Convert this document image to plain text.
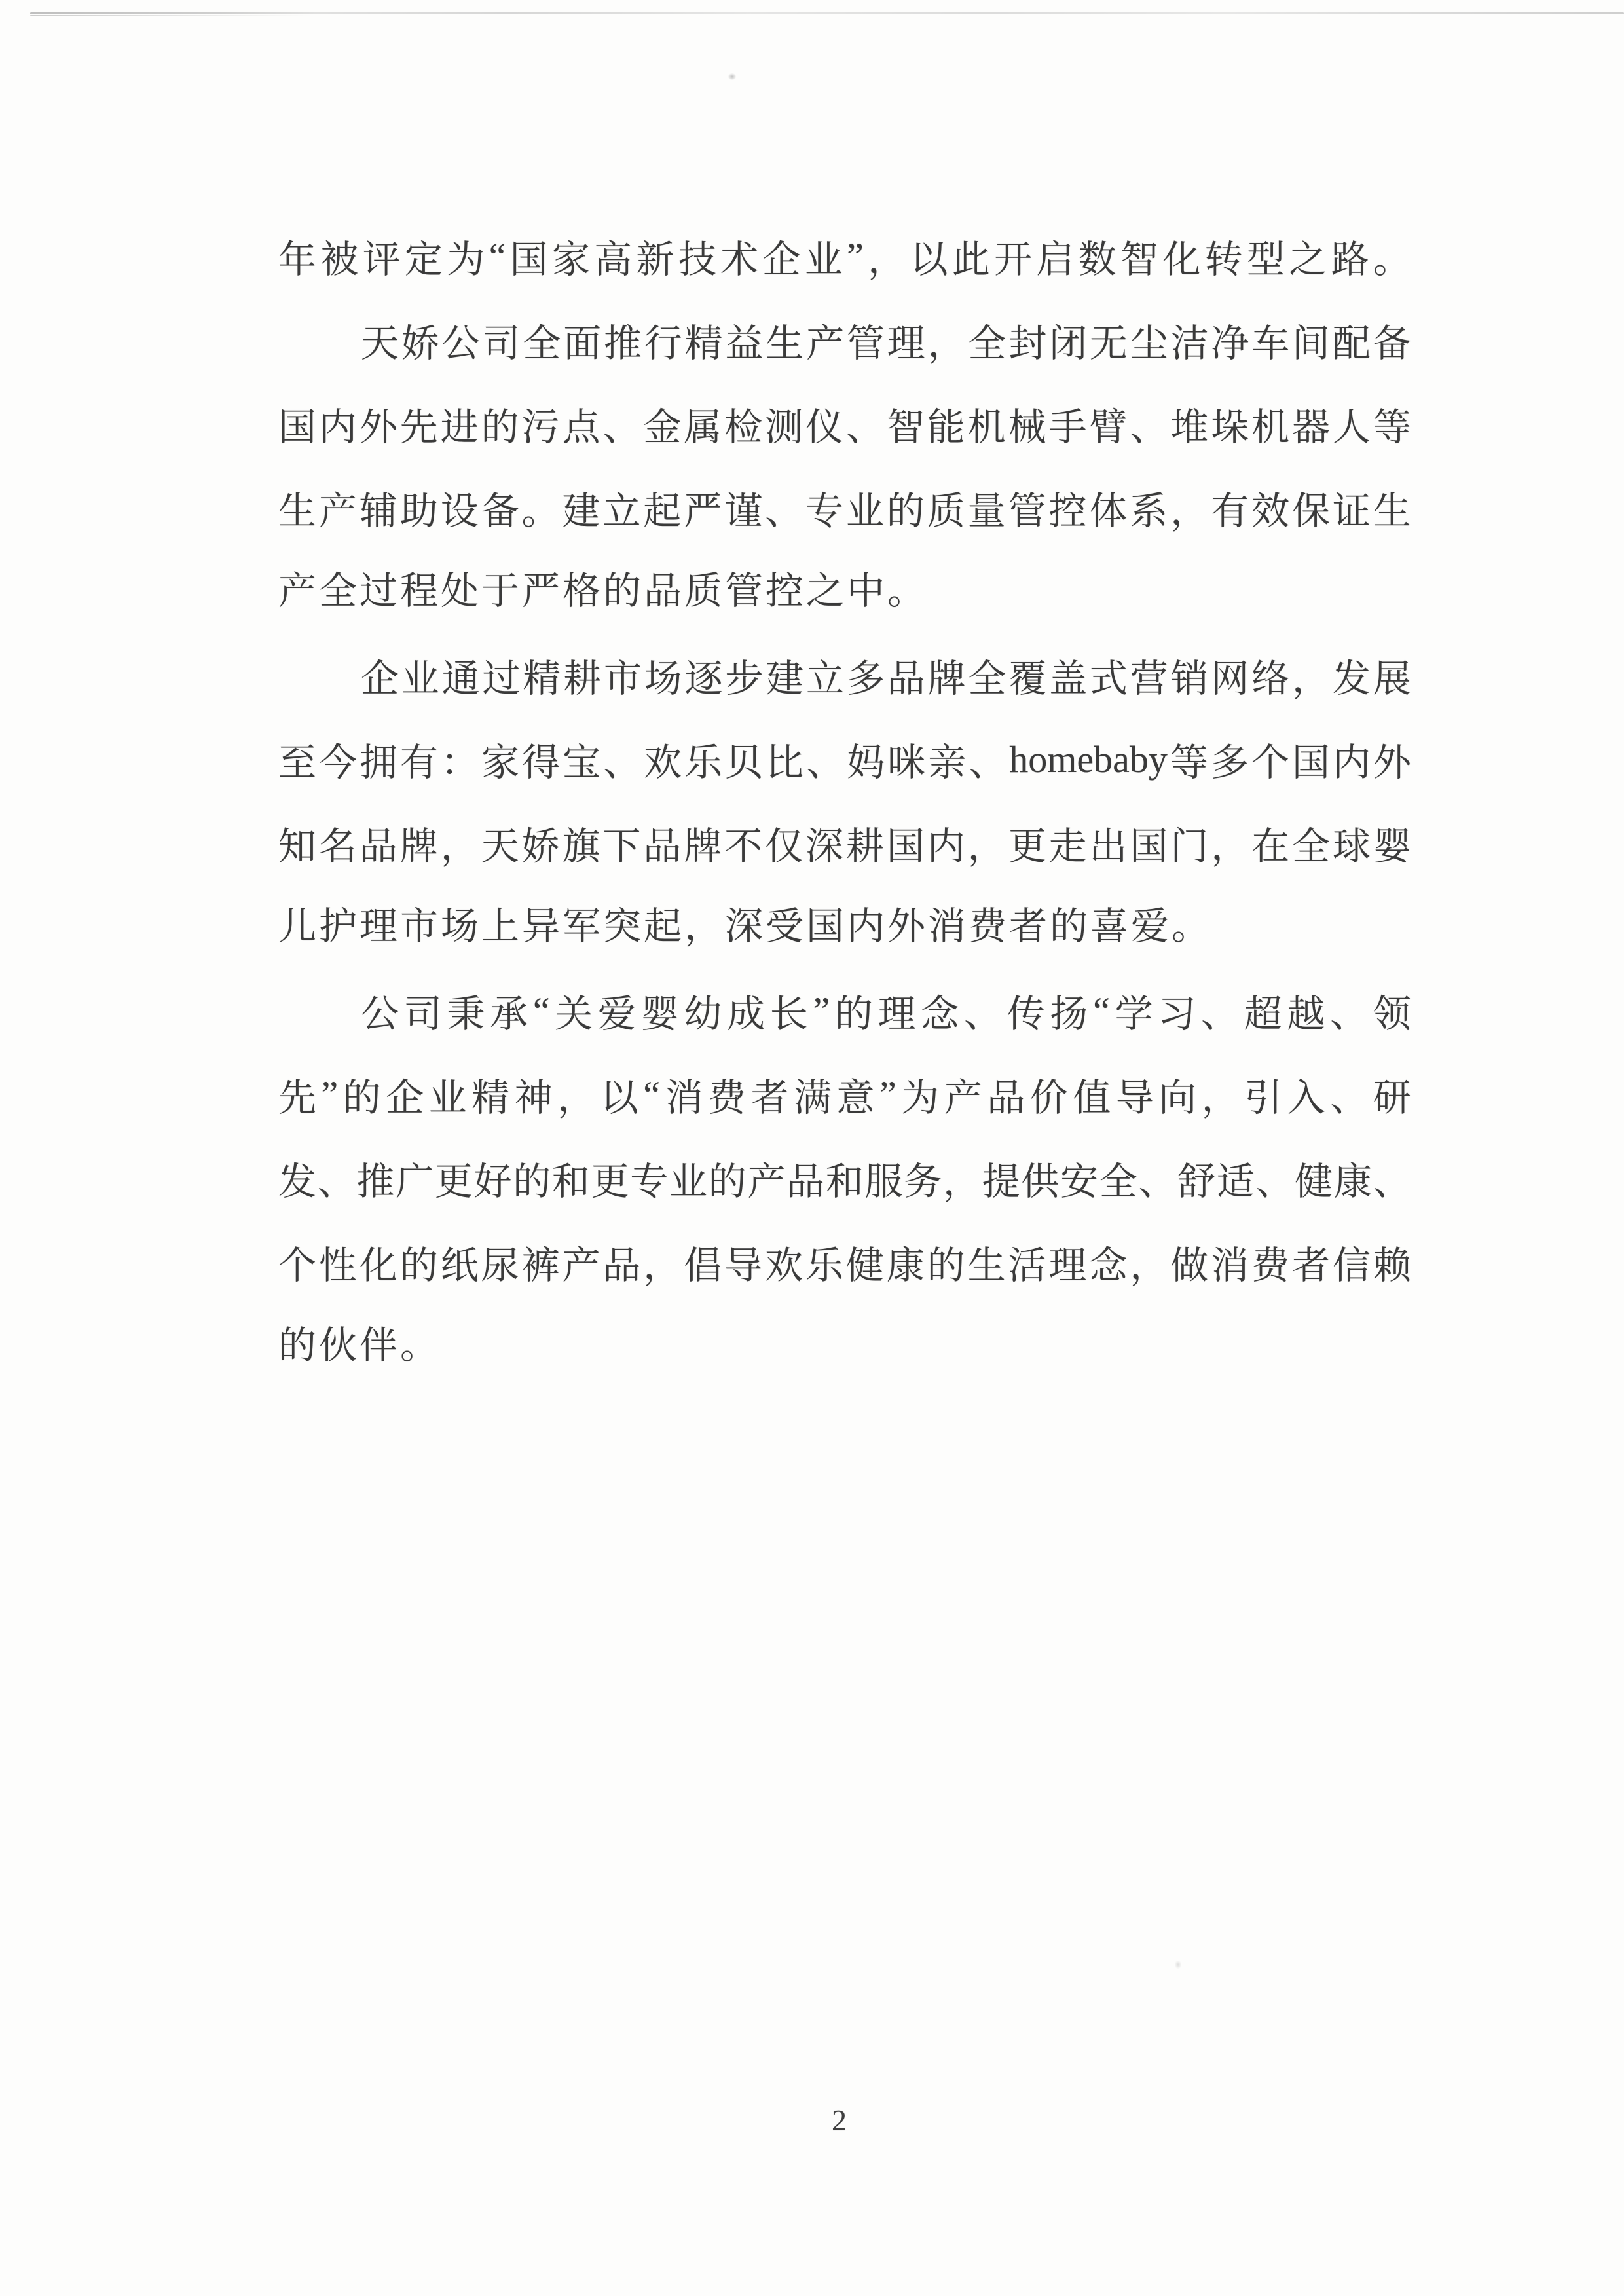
年 被 评 定 为 “ 国 家 高 新 技 术 企 业 ” ， 以 此 开 启 数 智 化 转 型 之 路 。
天 娇 公 司 全 面 推 行 精 益 生 产 管 理 ， 全 封 闭 无 尘 洁 净 车 间 配 备
国 内 外 先 进 的 污 点 、 金 属 检 测 仪 、 智 能 机 械 手 臂 、 堆 垛 机 器 人 等
生 产 辅 助 设 备 。 建 立 起 严 谨 、 专 业 的 质 量 管 控 体 系 ， 有 效 保 证 生
产全过程处于严格的品质管控之中。
企 业 通 过 精 耕 市 场 逐 步 建 立 多 品 牌 全 覆 盖 式 营 销 网 络 ， 发 展
至 今 拥 有 ： 家 得 宝 、 欢 乐 贝 比 、 妈 咪 亲 、 homebaby 等 多 个 国 内 外
知 名 品 牌 ， 天 娇 旗 下 品 牌 不 仅 深 耕 国 内 ， 更 走 出 国 门 ， 在 全 球 婴
儿护理市场上异军突起，深受国内外消费者的喜爱。
公 司 秉 承 “ 关 爱 婴 幼 成 长 ” 的 理 念 、 传 扬 “ 学 习 、 超 越 、 领
先 ” 的 企 业 精 神 ， 以 “ 消 费 者 满 意 ” 为 产 品 价 值 导 向 ， 引 入 、 研
发 、 推 广 更 好 的 和 更 专 业 的 产 品 和 服 务 ， 提 供 安 全 、 舒 适 、 健 康 、
个 性 化 的 纸 尿 裤 产 品 ， 倡 导 欢 乐 健 康 的 生 活 理 念 ， 做 消 费 者 信 赖
的伙伴。
2
